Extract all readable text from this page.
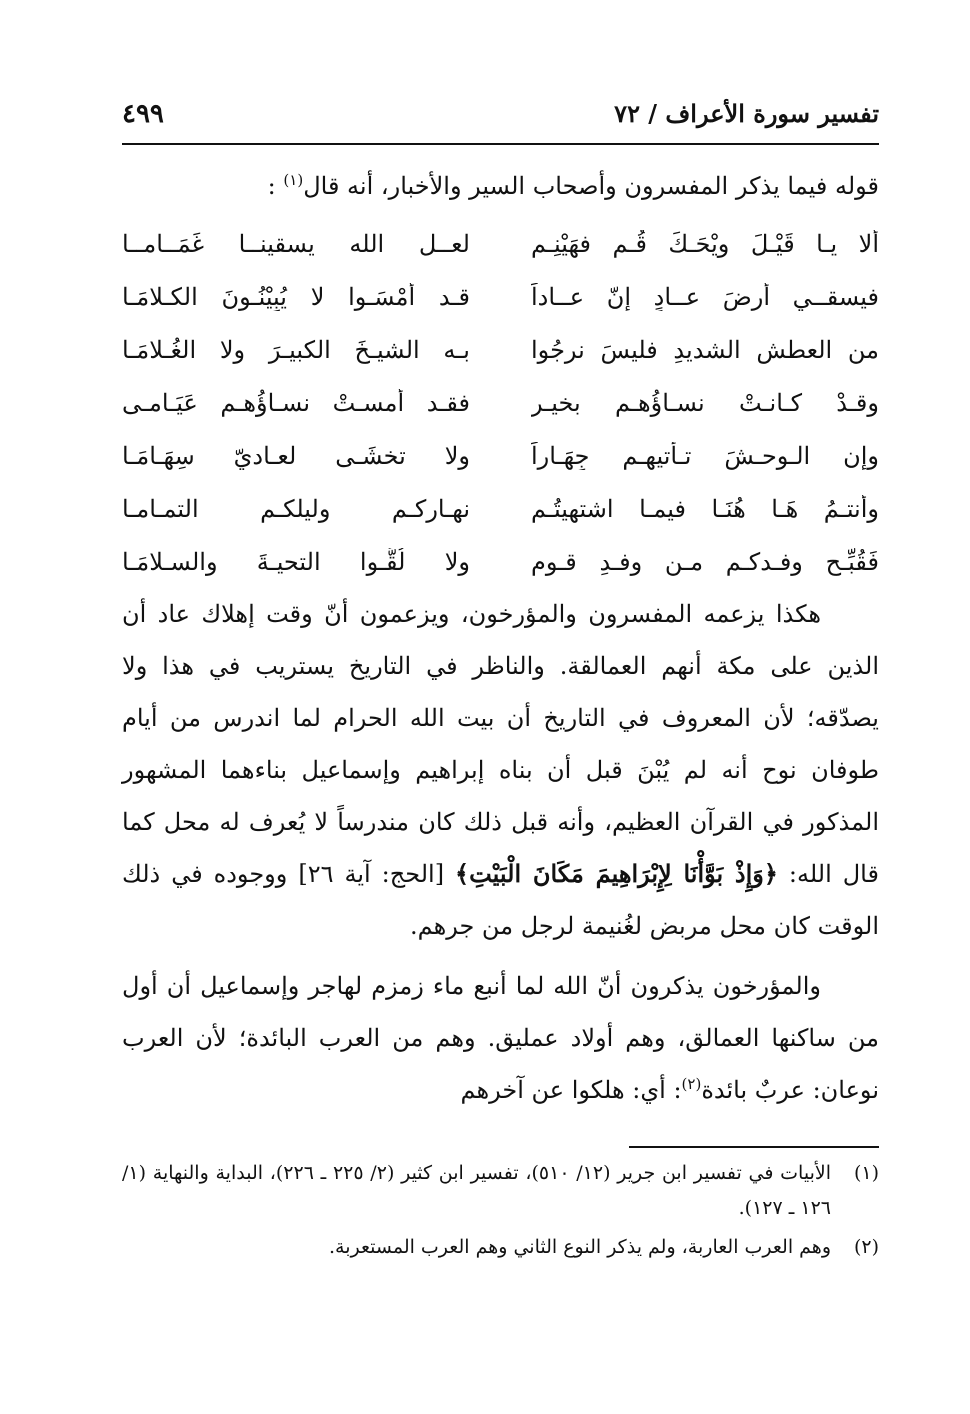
تفسير سورة الأعراف / ٧٢
٤٩٩
قوله فيما يذكر المفسرون وأصحاب السير والأخبار، أنه قال$^{(١)}$ :
ألا يـا قَيْـلَ ويْحَـكَ قُـم فهَيْنِـم
لعــل الله يسقينــا غَمَــامــا
فيسقــي أرضَ عــادٍ إنّ عــاداً
قـد أمْسَـوا لا يُبِيْنُـونَ الكـلامَـا
من العطشِ الشديدِ فليسَ نرجُوا
بـه الشيـخَ الكبيـرَ ولا الغُـلامَـا
وقـدْ كـانـتْ نسـاؤُهـم بخيـرٍ
فقـد أمسـتْ نسـاؤُهـم عَيَـامـى
وإن الـوحـشَ تـأتيهـم جِهَـاراً
ولا تخشَـى لعـاديّ سِهَـامَـا
وأنتـمُ هَـا هُنَـا فيمـا اشتهيتُـم
نهـاركـم وليلكـم التمـامـا
فَقُبِّـح وفـدكـم مـن وفـدِ قـومٍ
ولا لُقُّـوا التحيـةَ والسـلامَـا

هكذا يزعمه المفسرون والمؤرخون، ويزعمون أنّ وقت إهلاك عاد أن الذين على مكة أنهم العمالقة. والناظر في التاريخ يستريب في هذا ولا يصدّقه؛ لأن المعروف في التاريخ أن بيت الله الحرام لما اندرس من أيام طوفان نوح أنه لم يُبْنَ قبل أن بناه إبراهيم وإسماعيل بناءهما المشهور المذكور في القرآن العظيم، وأنه قبل ذلك كان مندرساً لا يُعرف له محل كما قال الله: ﴿وَإِذْ بَوَّأْنَا لِإِبْرَاهِيمَ مَكَانَ الْبَيْتِ﴾ [الحج: آية ٢٦] ووجوده في ذلك الوقت كان محل مربض لغُنيمة لرجل من جرهم.

والمؤرخون يذكرون أنّ الله لما أنبع ماء زمزم لهاجر وإسماعيل أن أول من ساكنها العمالق، وهم أولاد عمليق. وهم من العرب البائدة؛ لأن العرب نوعان: عربٌ بائدة$^{(٢)}$: أي: هلكوا عن آخرهم

(١)
الأبيات في تفسير ابن جرير (١٢/ ٥١٠)، تفسير ابن كثير (٢/ ٢٢٥ ـ ٢٢٦)، البداية والنهاية (١/ ١٢٦ ـ ١٢٧).
(٢)
وهم العرب العاربة، ولم يذكر النوع الثاني وهم العرب المستعربة.
